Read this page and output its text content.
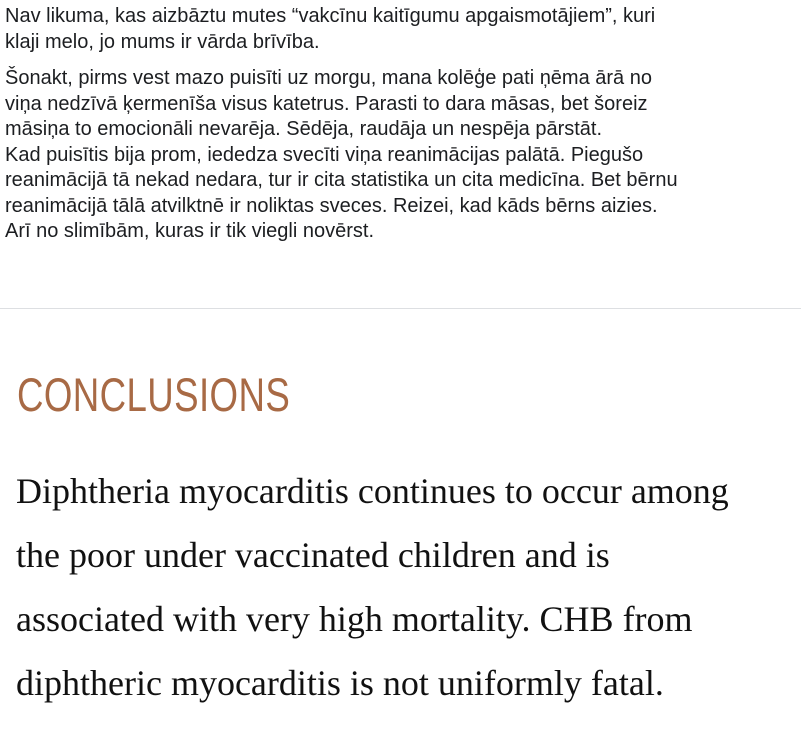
Nav likuma, kas aizbāztu mutes “vakcīnu kaitīgumu apgaismotājiem”, kuri
klaji melo, jo mums ir vārda brīvība.

Šonakt, pirms vest mazo puisīti uz morgu, mana kolēģe pati ņēma ārā no
viņa nedzīvā ķermenīša visus katetrus. Parasti to dara māsas, bet šoreiz
māsiņa to emocionāli nevarēja. Sēdēja, raudāja un nespēja pārstāt.
Kad puisītis bija prom, iededza svecīti viņa reanimācijas palātā. Piegušo
reanimācijā tā nekad nedara, tur ir cita statistika un cita medicīna. Bet bērnu
reanimācijā tālā atvilktnē ir noliktas sveces. Reizei, kad kāds bērns aizies.
Arī no slimībām, kuras ir tik viegli novērst.

CONCLUSIONS
Diphtheria myocarditis continues to occur among
the poor under vaccinated children and is
associated with very high mortality. CHB from
diphtheric myocarditis is not uniformly fatal.
